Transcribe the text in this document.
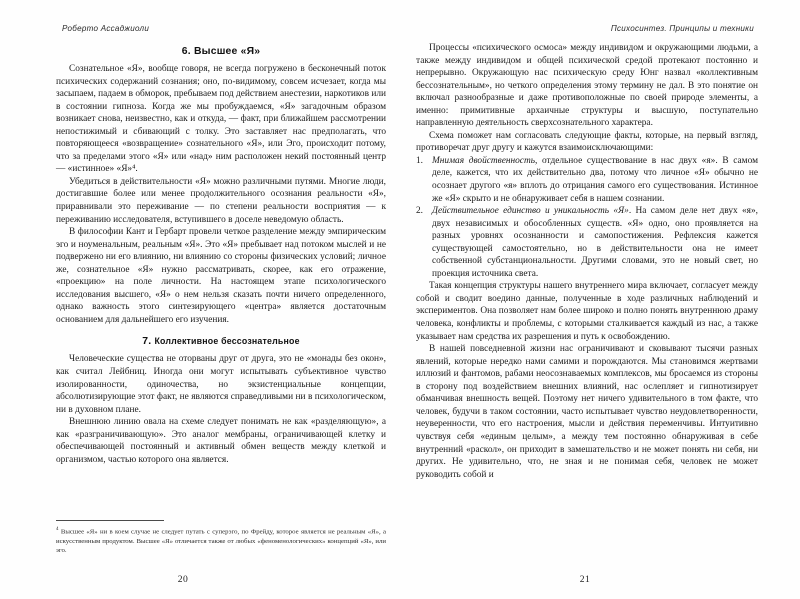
Роберто Ассаджиоли
6. Высшее «Я»

Сознательное «Я», вообще говоря, не всегда погружено в бесконечный поток психических содержаний сознания; оно, по-видимому, совсем исчезает, когда мы засыпаем, падаем в обморок, пребываем под действием анестезии, наркотиков или в состоянии гипноза. Когда же мы пробуждаемся, «Я» загадочным образом возникает снова, неизвестно, как и откуда, — факт, при ближайшем рассмотрении непостижимый и сбивающий с толку. Это заставляет нас предполагать, что повторяющееся «возвращение» сознательного «Я», или Эго, происходит потому, что за пределами этого «Я» или «над» ним расположен некий постоянный центр — «истинное» «Я»⁴.

Убедиться в действительности «Я» можно различными путями. Многие люди, достигавшие более или менее продолжительного осознания реальности «Я», приравнивали это переживание — по степени реальности восприятия — к переживанию исследователя, вступившего в доселе неведомую область.

В философии Кант и Гербарт провели четкое разделение между эмпирическим эго и ноуменальным, реальным «Я». Это «Я» пребывает над потоком мыслей и не подвержено ни его влиянию, ни влиянию со стороны физических условий; личное же, сознательное «Я» нужно рассматривать, скорее, как его отражение, «проекцию» на поле личности. На настоящем этапе психологического исследования высшего, «Я» о нем нельзя сказать почти ничего определенного, однако важность этого синтезирующего «центра» является достаточным основанием для дальнейшего его изучения.

7. Коллективное бессознательное

Человеческие существа не оторваны друг от друга, это не «монады без окон», как считал Лейбниц. Иногда они могут испытывать субъективное чувство изолированности, одиночества, но экзистенциальные концепции, абсолютизирующие этот факт, не являются справедливыми ни в психологическом, ни в духовном плане.

Внешнюю линию овала на схеме следует понимать не как «разделяющую», а как «разграничивающую». Это аналог мембраны, ограничивающей клетку и обеспечивающей постоянный и активный обмен веществ между клеткой и организмом, частью которого она является.

$^4$ Высшее «Я» ни в коем случае не следует путать с суперэго, по Фрейду, которое является не реальным «Я», а искусственным продуктом. Высшее «Я» отличается также от любых «феноменологических» концепций «Я», или эго.

20
Психосинтез. Принципы и техники

Процессы «психического осмоса» между индивидом и окружающими людьми, а также между индивидом и общей психической средой протекают постоянно и непрерывно. Окружающую нас психическую среду Юнг назвал «коллективным бессознательным», но четкого определения этому термину не дал. В это понятие он включал разнообразные и даже противоположные по своей природе элементы, а именно: примитивные архаичные структуры и высшую, поступательно направленную деятельность сверхсознательного характера.

Схема поможет нам согласовать следующие факты, которые, на первый взгляд, противоречат друг другу и кажутся взаимоисключающими:

1. Мнимая двойственность, отдельное существование в нас двух «я». В самом деле, кажется, что их действительно два, потому что личное «Я» обычно не осознает другого «я» вплоть до отрицания самого его существования. Истинное же «Я» скрыто и не обнаруживает себя в нашем сознании.
2. Действительное единство и уникальность «Я». На самом деле нет двух «я», двух независимых и обособленных существ. «Я» одно, оно проявляется на разных уровнях осознанности и самопостижения. Рефлексия кажется существующей самостоятельно, но в действительности она не имеет собственной субстанциональности. Другими словами, это не новый свет, но проекция источника света.

Такая концепция структуры нашего внутреннего мира включает, согласует между собой и сводит воедино данные, полученные в ходе различных наблюдений и экспериментов. Она позволяет нам более широко и полно понять внутреннюю драму человека, конфликты и проблемы, с которыми сталкивается каждый из нас, а также указывает нам средства их разрешения и путь к освобождению.

В нашей повседневной жизни нас ограничивают и сковывают тысячи разных явлений, которые нередко нами самими и порождаются. Мы становимся жертвами иллюзий и фантомов, рабами неосознаваемых комплексов, мы бросаемся из стороны в сторону под воздействием внешних влияний, нас ослепляет и гипнотизирует обманчивая внешность вещей. Поэтому нет ничего удивительного в том факте, что человек, будучи в таком состоянии, часто испытывает чувство неудовлетворенности, неуверенности, что его настроения, мысли и действия переменчивы. Интуитивно чувствуя себя «единым целым», а между тем постоянно обнаруживая в себе внутренний «раскол», он приходит в замешательство и не может понять ни себя, ни других. Не удивительно, что, не зная и не понимая себя, человек не может руководить собой и

21
